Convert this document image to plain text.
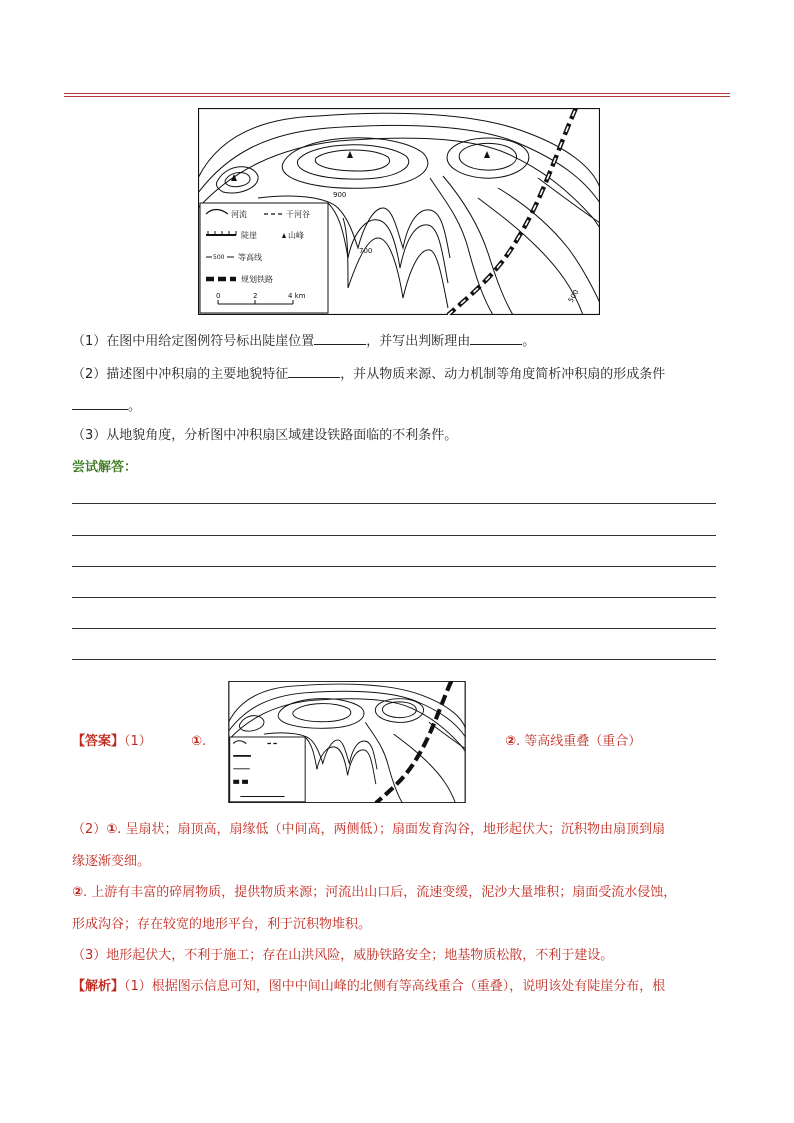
900
700
500
河流	干河谷
陡崖	山峰
500 等高线
规划铁路
0	2	4 km
（1）在图中用给定图例符号标出陡崖位置	，并写出判断理由	。
（2）描述图中冲积扇的主要地貌特征	，并从物质来源、动力机制等角度简析冲积扇的形成条件
。
（3）从地貌角度，分析图中冲积扇区域建设铁路面临的不利条件。
尝试解答：
【答案】（1）	①.	②. 等高线重叠（重合）
（2）①. 呈扇状；扇顶高，扇缘低（中间高，两侧低）；扇面发育沟谷，地形起伏大；沉积物由扇顶到扇
缘逐渐变细。
②. 上游有丰富的碎屑物质，提供物质来源；河流出山口后，流速变缓，泥沙大量堆积；扇面受流水侵蚀，
形成沟谷；存在较宽的地形平台，利于沉积物堆积。
（3）地形起伏大，不利于施工；存在山洪风险，威胁铁路安全；地基物质松散，不利于建设。
【解析】（1）根据图示信息可知，图中中间山峰的北侧有等高线重合（重叠），说明该处有陡崖分布，根
